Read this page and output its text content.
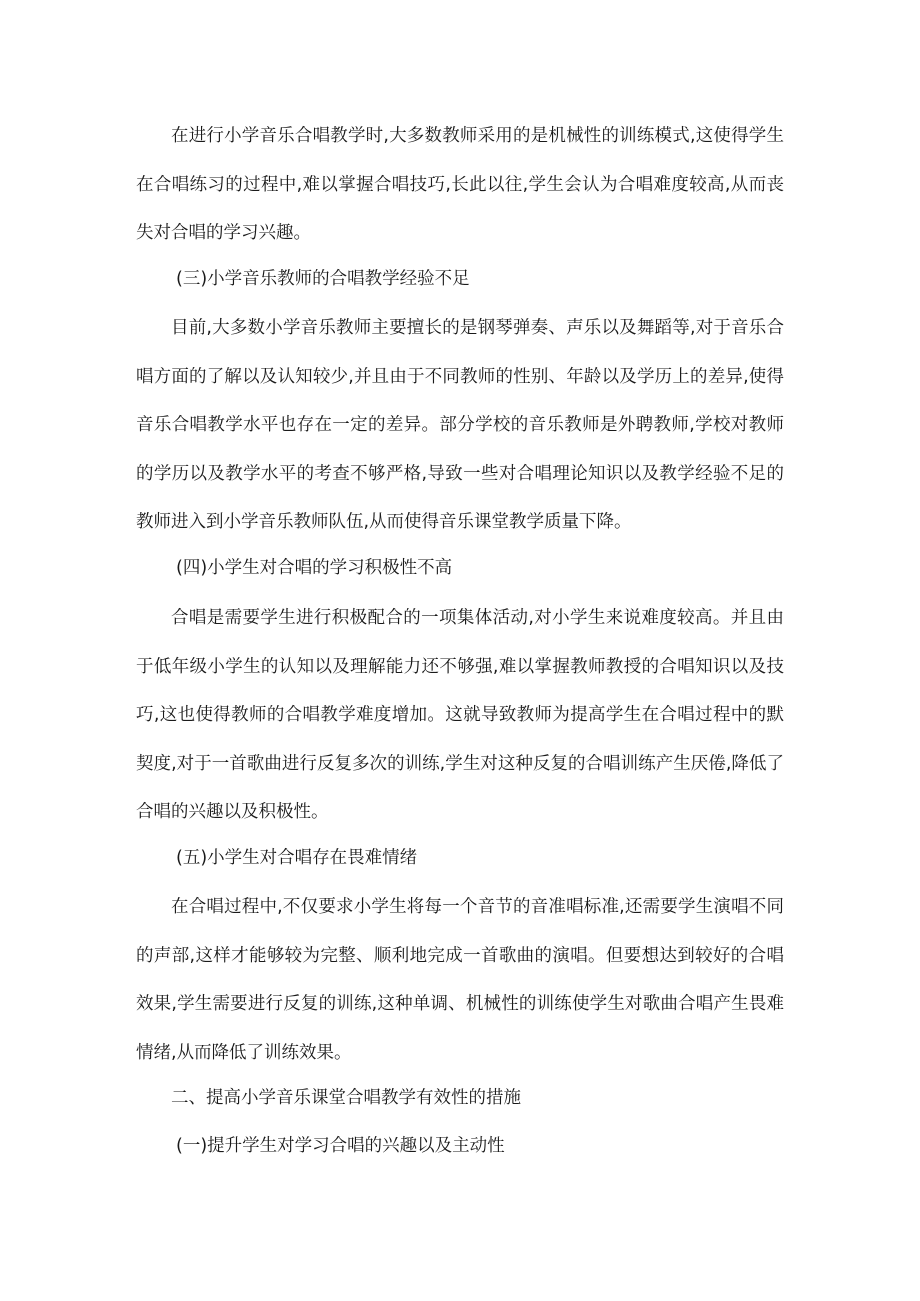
在进行小学音乐合唱教学时,大多数教师采用的是机械性的训练模式,这使得学生在合唱练习的过程中,难以掌握合唱技巧,长此以往,学生会认为合唱难度较高,从而丧失对合唱的学习兴趣。

(三)小学音乐教师的合唱教学经验不足

目前,大多数小学音乐教师主要擅长的是钢琴弹奏、声乐以及舞蹈等,对于音乐合唱方面的了解以及认知较少,并且由于不同教师的性别、年龄以及学历上的差异,使得音乐合唱教学水平也存在一定的差异。部分学校的音乐教师是外聘教师,学校对教师的学历以及教学水平的考查不够严格,导致一些对合唱理论知识以及教学经验不足的教师进入到小学音乐教师队伍,从而使得音乐课堂教学质量下降。

(四)小学生对合唱的学习积极性不高

合唱是需要学生进行积极配合的一项集体活动,对小学生来说难度较高。并且由于低年级小学生的认知以及理解能力还不够强,难以掌握教师教授的合唱知识以及技巧,这也使得教师的合唱教学难度增加。这就导致教师为提高学生在合唱过程中的默契度,对于一首歌曲进行反复多次的训练,学生对这种反复的合唱训练产生厌倦,降低了合唱的兴趣以及积极性。

(五)小学生对合唱存在畏难情绪

在合唱过程中,不仅要求小学生将每一个音节的音准唱标准,还需要学生演唱不同的声部,这样才能够较为完整、顺利地完成一首歌曲的演唱。但要想达到较好的合唱效果,学生需要进行反复的训练,这种单调、机械性的训练使学生对歌曲合唱产生畏难情绪,从而降低了训练效果。

二、提高小学音乐课堂合唱教学有效性的措施

(一)提升学生对学习合唱的兴趣以及主动性
